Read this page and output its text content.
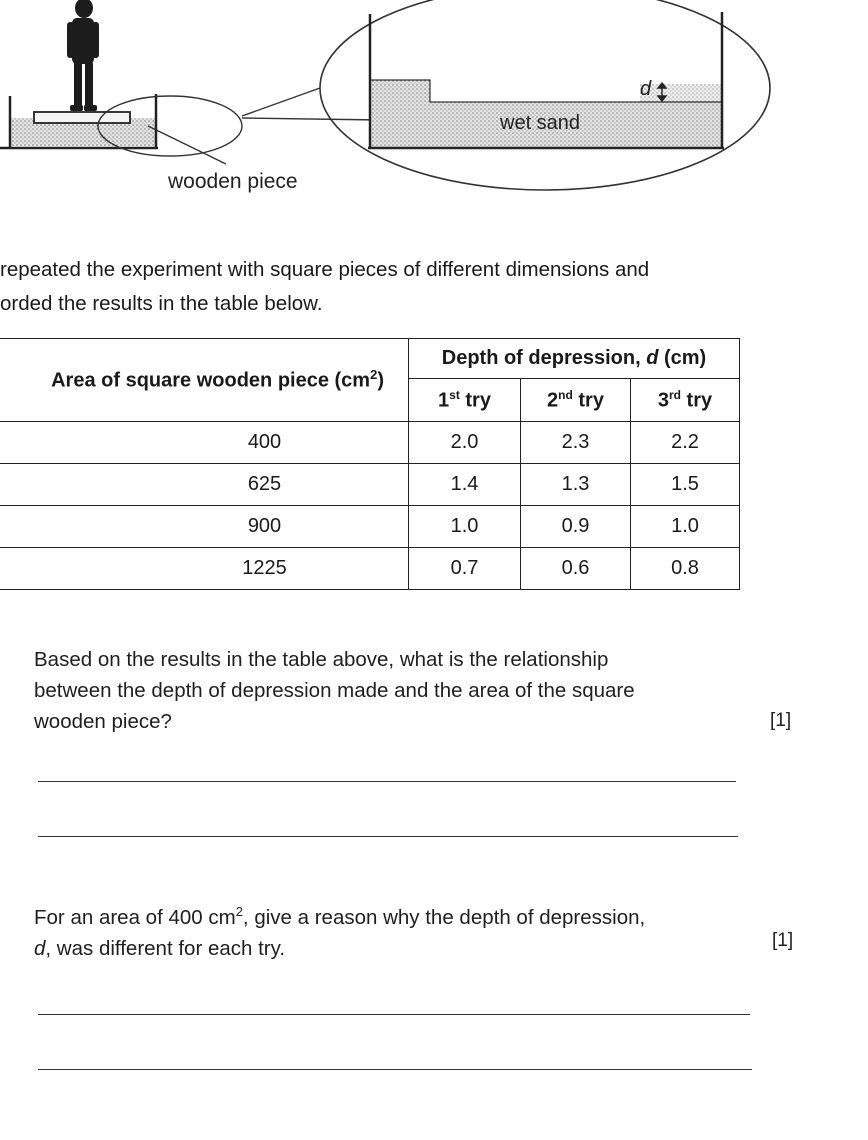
wooden piece
wet sand
d
repeated the experiment with square pieces of different dimensions and
orded the results in the table below.
Area of square wooden piece $(cm^2)$	Depth of depression, d (cm)		
	1st try	2nd try	3rd try
400	2.0	2.3	2.2
625	1.4	1.3	1.5
900	1.0	0.9	1.0
1225	0.7	0.6	0.8
Based on the results in the table above, what is the relationship
between the depth of depression made and the area of the square
wooden piece?	[1]
For an area of 400 $cm^2$, give a reason why the depth of depression,
d, was different for each try.	[1]
